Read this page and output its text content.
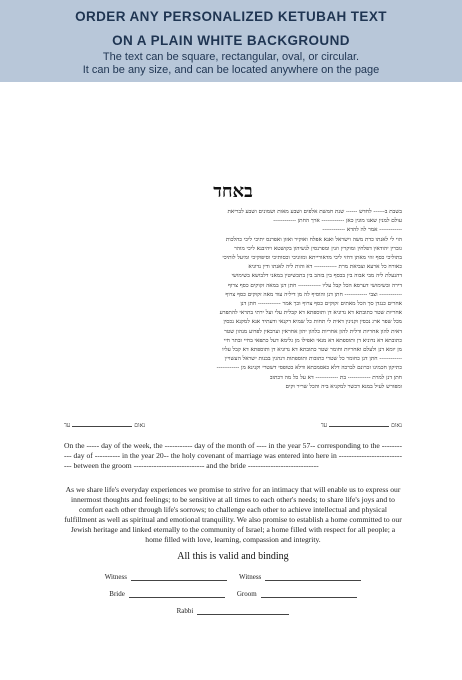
ORDER ANY PERSONALIZED KETUBAH TEXT
ON A PLAIN WHITE BACKGROUND
The text can be square, rectangular, oval, or circular.
It can be any size, and can be located anywhere on the page
באחד
בשבת ב------ לחדש ------ שנת חמשת אלפים ושבע מאות ושמונים ושבע לבריאת
עולם למנין שאנו מונין כאן ------------ ארך החתן ------------
------------ אמר לה להדא ------------
הוי לי לאנתו כדת משה וישראל ואנא אפלח ואוקיר ואזון ואפרנס יתיכי ליכי כהלכות
גוברין יהודאין דפלחין ומוקרין וזנין ומפרנסין לנשיהון בקושטא ויהיבנא ליכי מוהר
בתוליכי כסף זוזי מאתן דחזי ליכי מדאורייתא ומזוניכי וכסותיכי וסיפוקיכי ומיעל לותיכי
כאורח כל ארעא וצביאת מרת ------------ דא והות ליה לאנתו ודין נדוניא
דהנעלת ליה מבי אבוה בין בכסף בין בזהב בין בתכשיטין במאני דלבושא בשימושי
דירה ובשימושי דערסא הכל קבל עליו ------------ חתן דנן במאה זקוקים כסף צרוף
------------ וצבי ------------ חתן דנן והוסיף לה מן דיליה עוד מאה זקוקים כסף צרוף
אחרים כנגדן סך הכל מאתים זקוקים כסף צרוף וכך אמר ------------ חתן דנן
אחריות שטר כתובתא דא נדוניא דן ותוספתא דא קבלית עלי ועל ירתי בתראי להתפרע
מכל שפר ארג נכסין וקנינין דאית לי תחות כל שמיא דקנאי ודעתיד אנא למקנא נכסין
דאית להון אחריות ודלית להון אחריות כלהון יהון אחראין וערבאין לפרוע מנהון שטר
כתובתא דא נדוניא דן ותוספתא דא מנאי ואפילו מן גלימא דעל כתפאי בחיי ובתר חיי
מן יומא דנן ולעלם ואחריות וחומר שטר כתובתא דא נדוניא דן ותוספתא דא קבל עליו
------------ חתן דנן כחומר כל שטרי כתובות ותוספתות דנהגין בבנות ישראל העשויין
כתיקון חכמינו זכרונם לברכה דלא כאסמכתא ודלא כטופסי דשטרי וקנינא מן ------------
חתן דנן למרת ------------ בת ------------ דא על כל מה דכתוב
ומפורש לעיל במנא דכשר למקניא ביה והכל שריר וקים
נאוםעד	נאוםעד

On the ----- day of the week, the ----------- day of the month of ---- in the year 57-- corresponding to the ----------- day of ---------- in the year 20-- the holy covenant of marriage was entered into here in ---------------------------- between the groom ---------------------------- and the bride ----------------------------

As we share life's everyday experiences we promise to strive for an intimacy that will enable us to express our innermost thoughts and feelings; to be sensitive at all times to each other's needs; to share life's joys and to comfort each other through life's sorrows; to challenge each other to achieve intellectual and physical fulfillment as well as spiritual and emotional tranquility. We also promise to establish a home committed to our Jewish heritage and linked eternally to the community of Israel; a home filled with respect for all people; a home filled with love, learning, compassion and integrity.

All this is valid and binding
Witness	Witness
Bride	Groom
Rabbi
